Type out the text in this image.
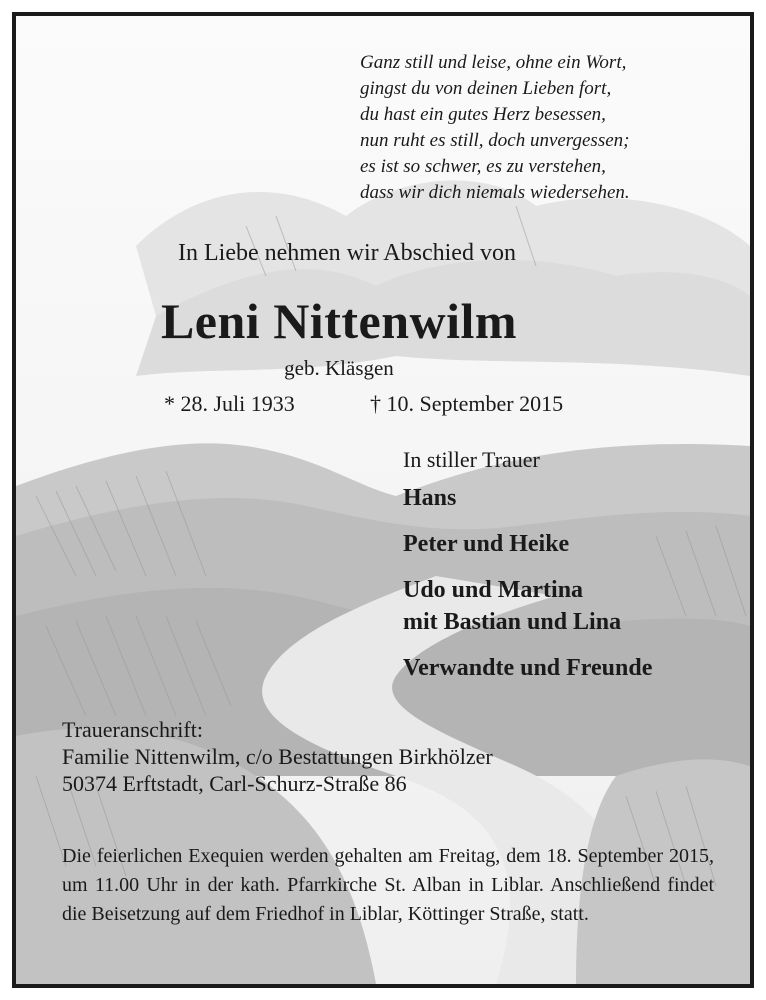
Ganz still und leise, ohne ein Wort,
gingst du von deinen Lieben fort,
du hast ein gutes Herz besessen,
nun ruht es still, doch unvergessen;
es ist so schwer, es zu verstehen,
dass wir dich niemals wiedersehen.
In Liebe nehmen wir Abschied von
Leni Nittenwilm
geb. Kläsgen
* 28. Juli 1933	† 10. September 2015
In stiller Trauer
Hans
Peter und Heike
Udo und Martina
mit Bastian und Lina
Verwandte und Freunde
Traueranschrift:
Familie Nittenwilm, c/o Bestattungen Birkhölzer
50374 Erftstadt, Carl-Schurz-Straße 86
Die feierlichen Exequien werden gehalten am Freitag, dem 18. September 2015, um 11.00 Uhr in der kath. Pfarrkirche St. Alban in Liblar. Anschließend findet die Beisetzung auf dem Friedhof in Liblar, Köttinger Straße, statt.
